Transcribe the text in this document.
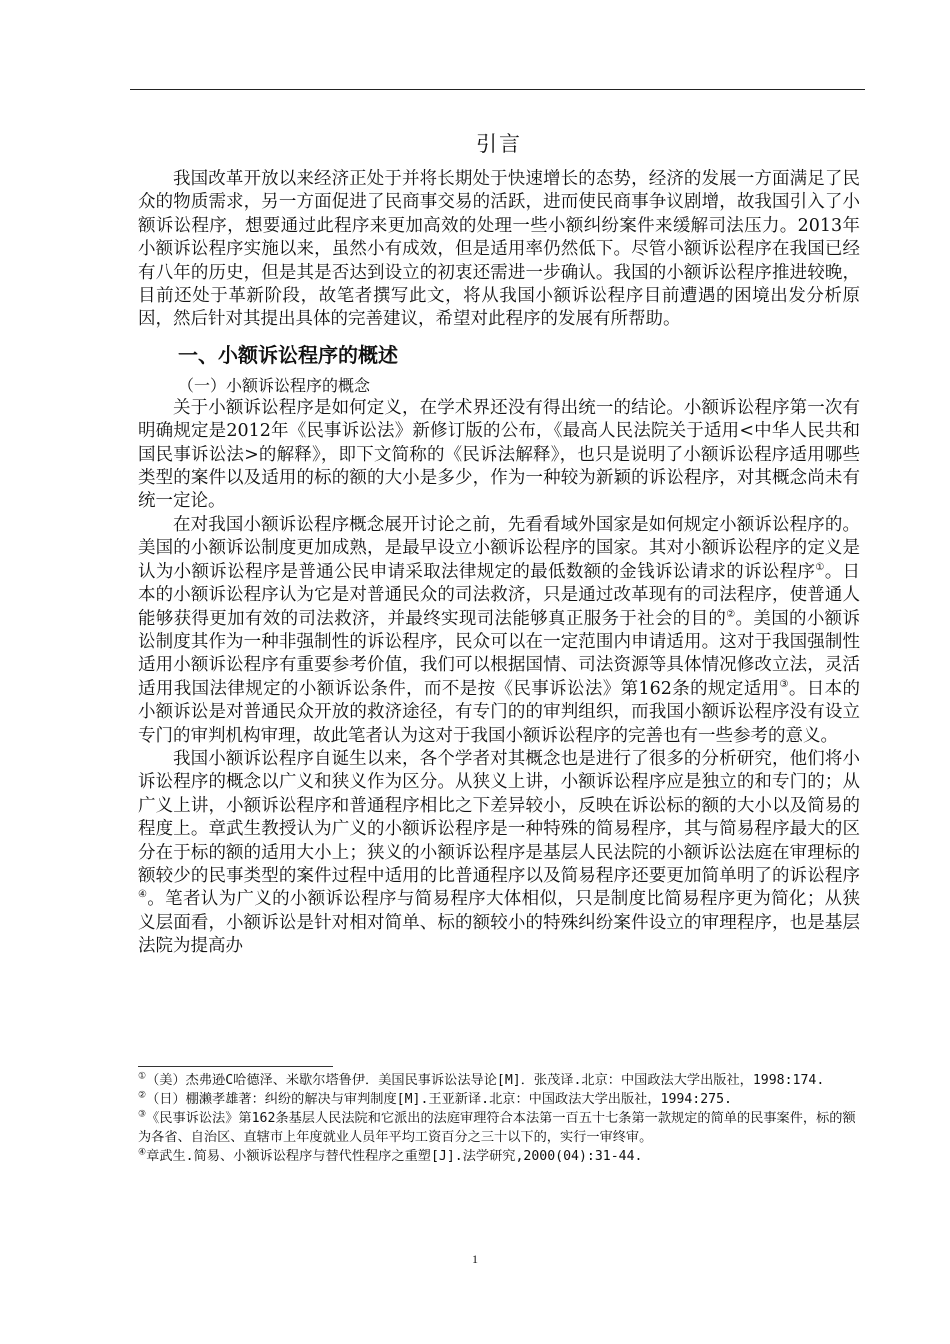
引言

我国改革开放以来经济正处于并将长期处于快速增长的态势，经济的发展一方面满足了民众的物质需求，另一方面促进了民商事交易的活跃，进而使民商事争议剧增，故我国引入了小额诉讼程序，想要通过此程序来更加高效的处理一些小额纠纷案件来缓解司法压力。2013年小额诉讼程序实施以来，虽然小有成效，但是适用率仍然低下。尽管小额诉讼程序在我国已经有八年的历史，但是其是否达到设立的初衷还需进一步确认。我国的小额诉讼程序推进较晚，目前还处于革新阶段，故笔者撰写此文，将从我国小额诉讼程序目前遭遇的困境出发分析原因，然后针对其提出具体的完善建议，希望对此程序的发展有所帮助。

一、小额诉讼程序的概述
（一）小额诉讼程序的概念

关于小额诉讼程序是如何定义，在学术界还没有得出统一的结论。小额诉讼程序第一次有明确规定是2012年《民事诉讼法》新修订版的公布，《最高人民法院关于适用<中华人民共和国民事诉讼法>的解释》，即下文简称的《民诉法解释》，也只是说明了小额诉讼程序适用哪些类型的案件以及适用的标的额的大小是多少，作为一种较为新颖的诉讼程序，对其概念尚未有统一定论。

在对我国小额诉讼程序概念展开讨论之前，先看看域外国家是如何规定小额诉讼程序的。美国的小额诉讼制度更加成熟，是最早设立小额诉讼程序的国家。其对小额诉讼程序的定义是认为小额诉讼程序是普通公民申请采取法律规定的最低数额的金钱诉讼请求的诉讼程序①。日本的小额诉讼程序认为它是对普通民众的司法救济，只是通过改革现有的司法程序，使普通人能够获得更加有效的司法救济，并最终实现司法能够真正服务于社会的目的②。美国的小额诉讼制度其作为一种非强制性的诉讼程序，民众可以在一定范围内申请适用。这对于我国强制性适用小额诉讼程序有重要参考价值，我们可以根据国情、司法资源等具体情况修改立法，灵活适用我国法律规定的小额诉讼条件，而不是按《民事诉讼法》第162条的规定适用③。日本的小额诉讼是对普通民众开放的救济途径，有专门的的审判组织，而我国小额诉讼程序没有设立专门的审判机构审理，故此笔者认为这对于我国小额诉讼程序的完善也有一些参考的意义。

我国小额诉讼程序自诞生以来，各个学者对其概念也是进行了很多的分析研究，他们将小诉讼程序的概念以广义和狭义作为区分。从狭义上讲，小额诉讼程序应是独立的和专门的；从广义上讲，小额诉讼程序和普通程序相比之下差异较小，反映在诉讼标的额的大小以及简易的程度上。章武生教授认为广义的小额诉讼程序是一种特殊的简易程序，其与简易程序最大的区分在于标的额的适用大小上；狭义的小额诉讼程序是基层人民法院的小额诉讼法庭在审理标的额较少的民事类型的案件过程中适用的比普通程序以及简易程序还要更加简单明了的诉讼程序④。笔者认为广义的小额诉讼程序与简易程序大体相似，只是制度比简易程序更为简化；从狭义层面看，小额诉讼是针对相对简单、标的额较小的特殊纠纷案件设立的审理程序，也是基层法院为提高办

①（美）杰弗逊C哈德泽、米歇尔塔鲁伊．美国民事诉讼法导论[M]．张茂译.北京：中国政法大学出版社，1998:174.
②（日）棚濑孝雄著：纠纷的解决与审判制度[M].王亚新译.北京：中国政法大学出版社，1994:275.
③《民事诉讼法》第162条基层人民法院和它派出的法庭审理符合本法第一百五十七条第一款规定的简单的民事案件，标的额为各省、自治区、直辖市上年度就业人员年平均工资百分之三十以下的，实行一审终审。
④章武生.简易、小额诉讼程序与替代性程序之重塑[J].法学研究,2000(04):31-44.
1
